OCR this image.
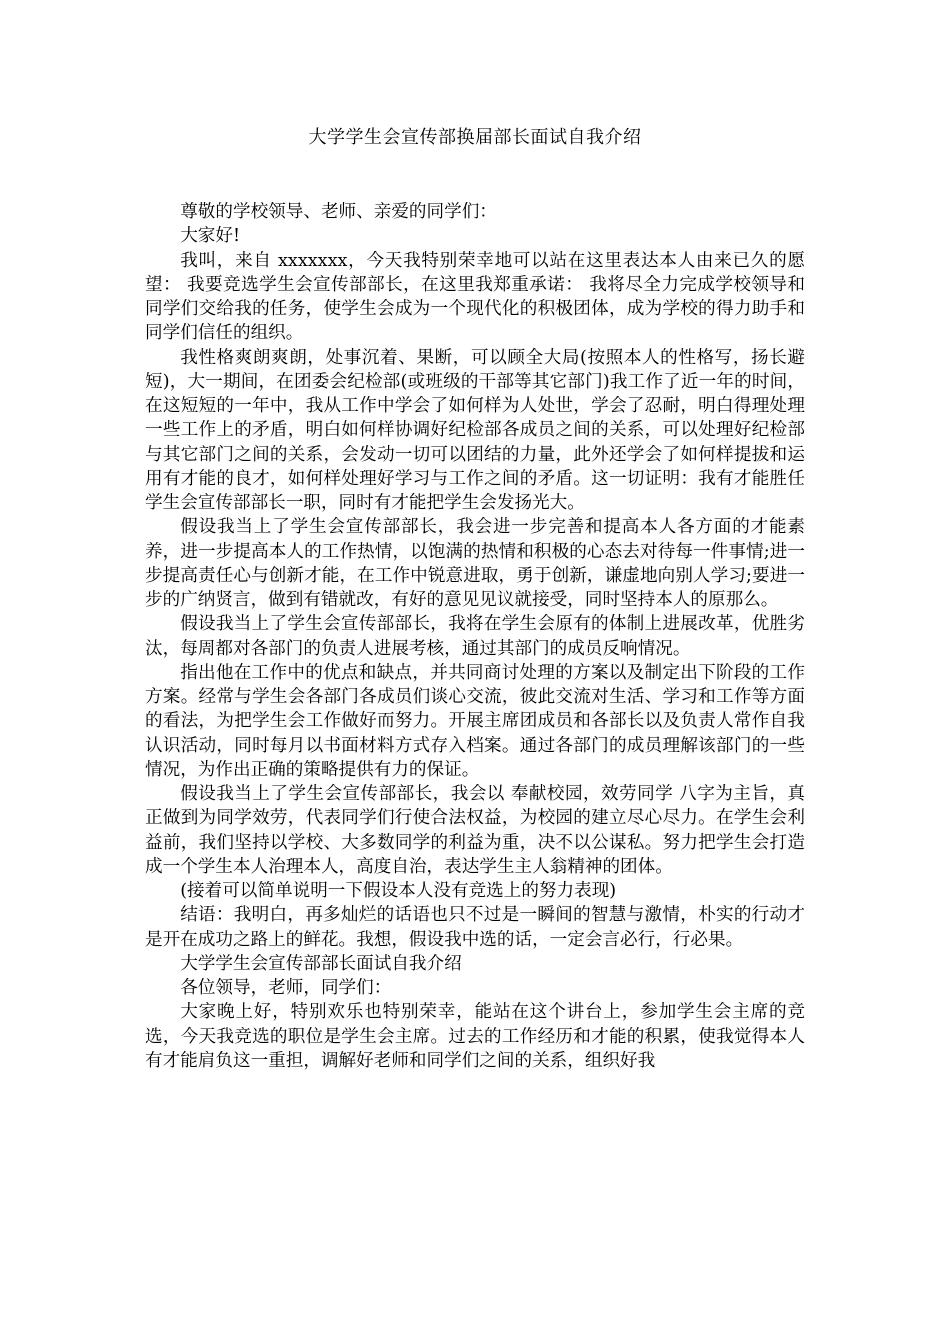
大学学生会宣传部换届部长面试自我介绍

尊敬的学校领导、老师、亲爱的同学们：

大家好!

我叫，来自 xxxxxxx，今天我特别荣幸地可以站在这里表达本人由来已久的愿望： 我要竞选学生会宣传部部长，在这里我郑重承诺： 我将尽全力完成学校领导和同学们交给我的任务，使学生会成为一个现代化的积极团体，成为学校的得力助手和同学们信任的组织。

我性格爽朗爽朗，处事沉着、果断，可以顾全大局(按照本人的性格写，扬长避短)，大一期间，在团委会纪检部(或班级的干部等其它部门)我工作了近一年的时间，在这短短的一年中，我从工作中学会了如何样为人处世，学会了忍耐，明白得理处理一些工作上的矛盾，明白如何样协调好纪检部各成员之间的关系，可以处理好纪检部与其它部门之间的关系，会发动一切可以团结的力量，此外还学会了如何样提拔和运用有才能的良才，如何样处理好学习与工作之间的矛盾。这一切证明：我有才能胜任学生会宣传部部长一职，同时有才能把学生会发扬光大。

假设我当上了学生会宣传部部长，我会进一步完善和提高本人各方面的才能素养，进一步提高本人的工作热情，以饱满的热情和积极的心态去对待每一件事情;进一步提高责任心与创新才能，在工作中锐意进取，勇于创新，谦虚地向别人学习;要进一步的广纳贤言，做到有错就改，有好的意见见议就接受，同时坚持本人的原那么。

假设我当上了学生会宣传部部长，我将在学生会原有的体制上进展改革，优胜劣汰，每周都对各部门的负责人进展考核，通过其部门的成员反响情况。

指出他在工作中的优点和缺点，并共同商讨处理的方案以及制定出下阶段的工作方案。经常与学生会各部门各成员们谈心交流，彼此交流对生活、学习和工作等方面的看法，为把学生会工作做好而努力。开展主席团成员和各部长以及负责人常作自我认识活动，同时每月以书面材料方式存入档案。通过各部门的成员理解该部门的一些情况，为作出正确的策略提供有力的保证。

假设我当上了学生会宣传部部长，我会以 奉献校园，效劳同学 八字为主旨，真正做到为同学效劳，代表同学们行使合法权益，为校园的建立尽心尽力。在学生会利益前，我们坚持以学校、大多数同学的利益为重，决不以公谋私。努力把学生会打造成一个学生本人治理本人，高度自治，表达学生主人翁精神的团体。

(接着可以简单说明一下假设本人没有竞选上的努力表现)

结语：我明白，再多灿烂的话语也只不过是一瞬间的智慧与激情，朴实的行动才是开在成功之路上的鲜花。我想，假设我中选的话，一定会言必行，行必果。

大学学生会宣传部部长面试自我介绍

各位领导，老师，同学们：

大家晚上好，特别欢乐也特别荣幸，能站在这个讲台上，参加学生会主席的竞选，今天我竞选的职位是学生会主席。过去的工作经历和才能的积累，使我觉得本人有才能肩负这一重担，调解好老师和同学们之间的关系，组织好我
